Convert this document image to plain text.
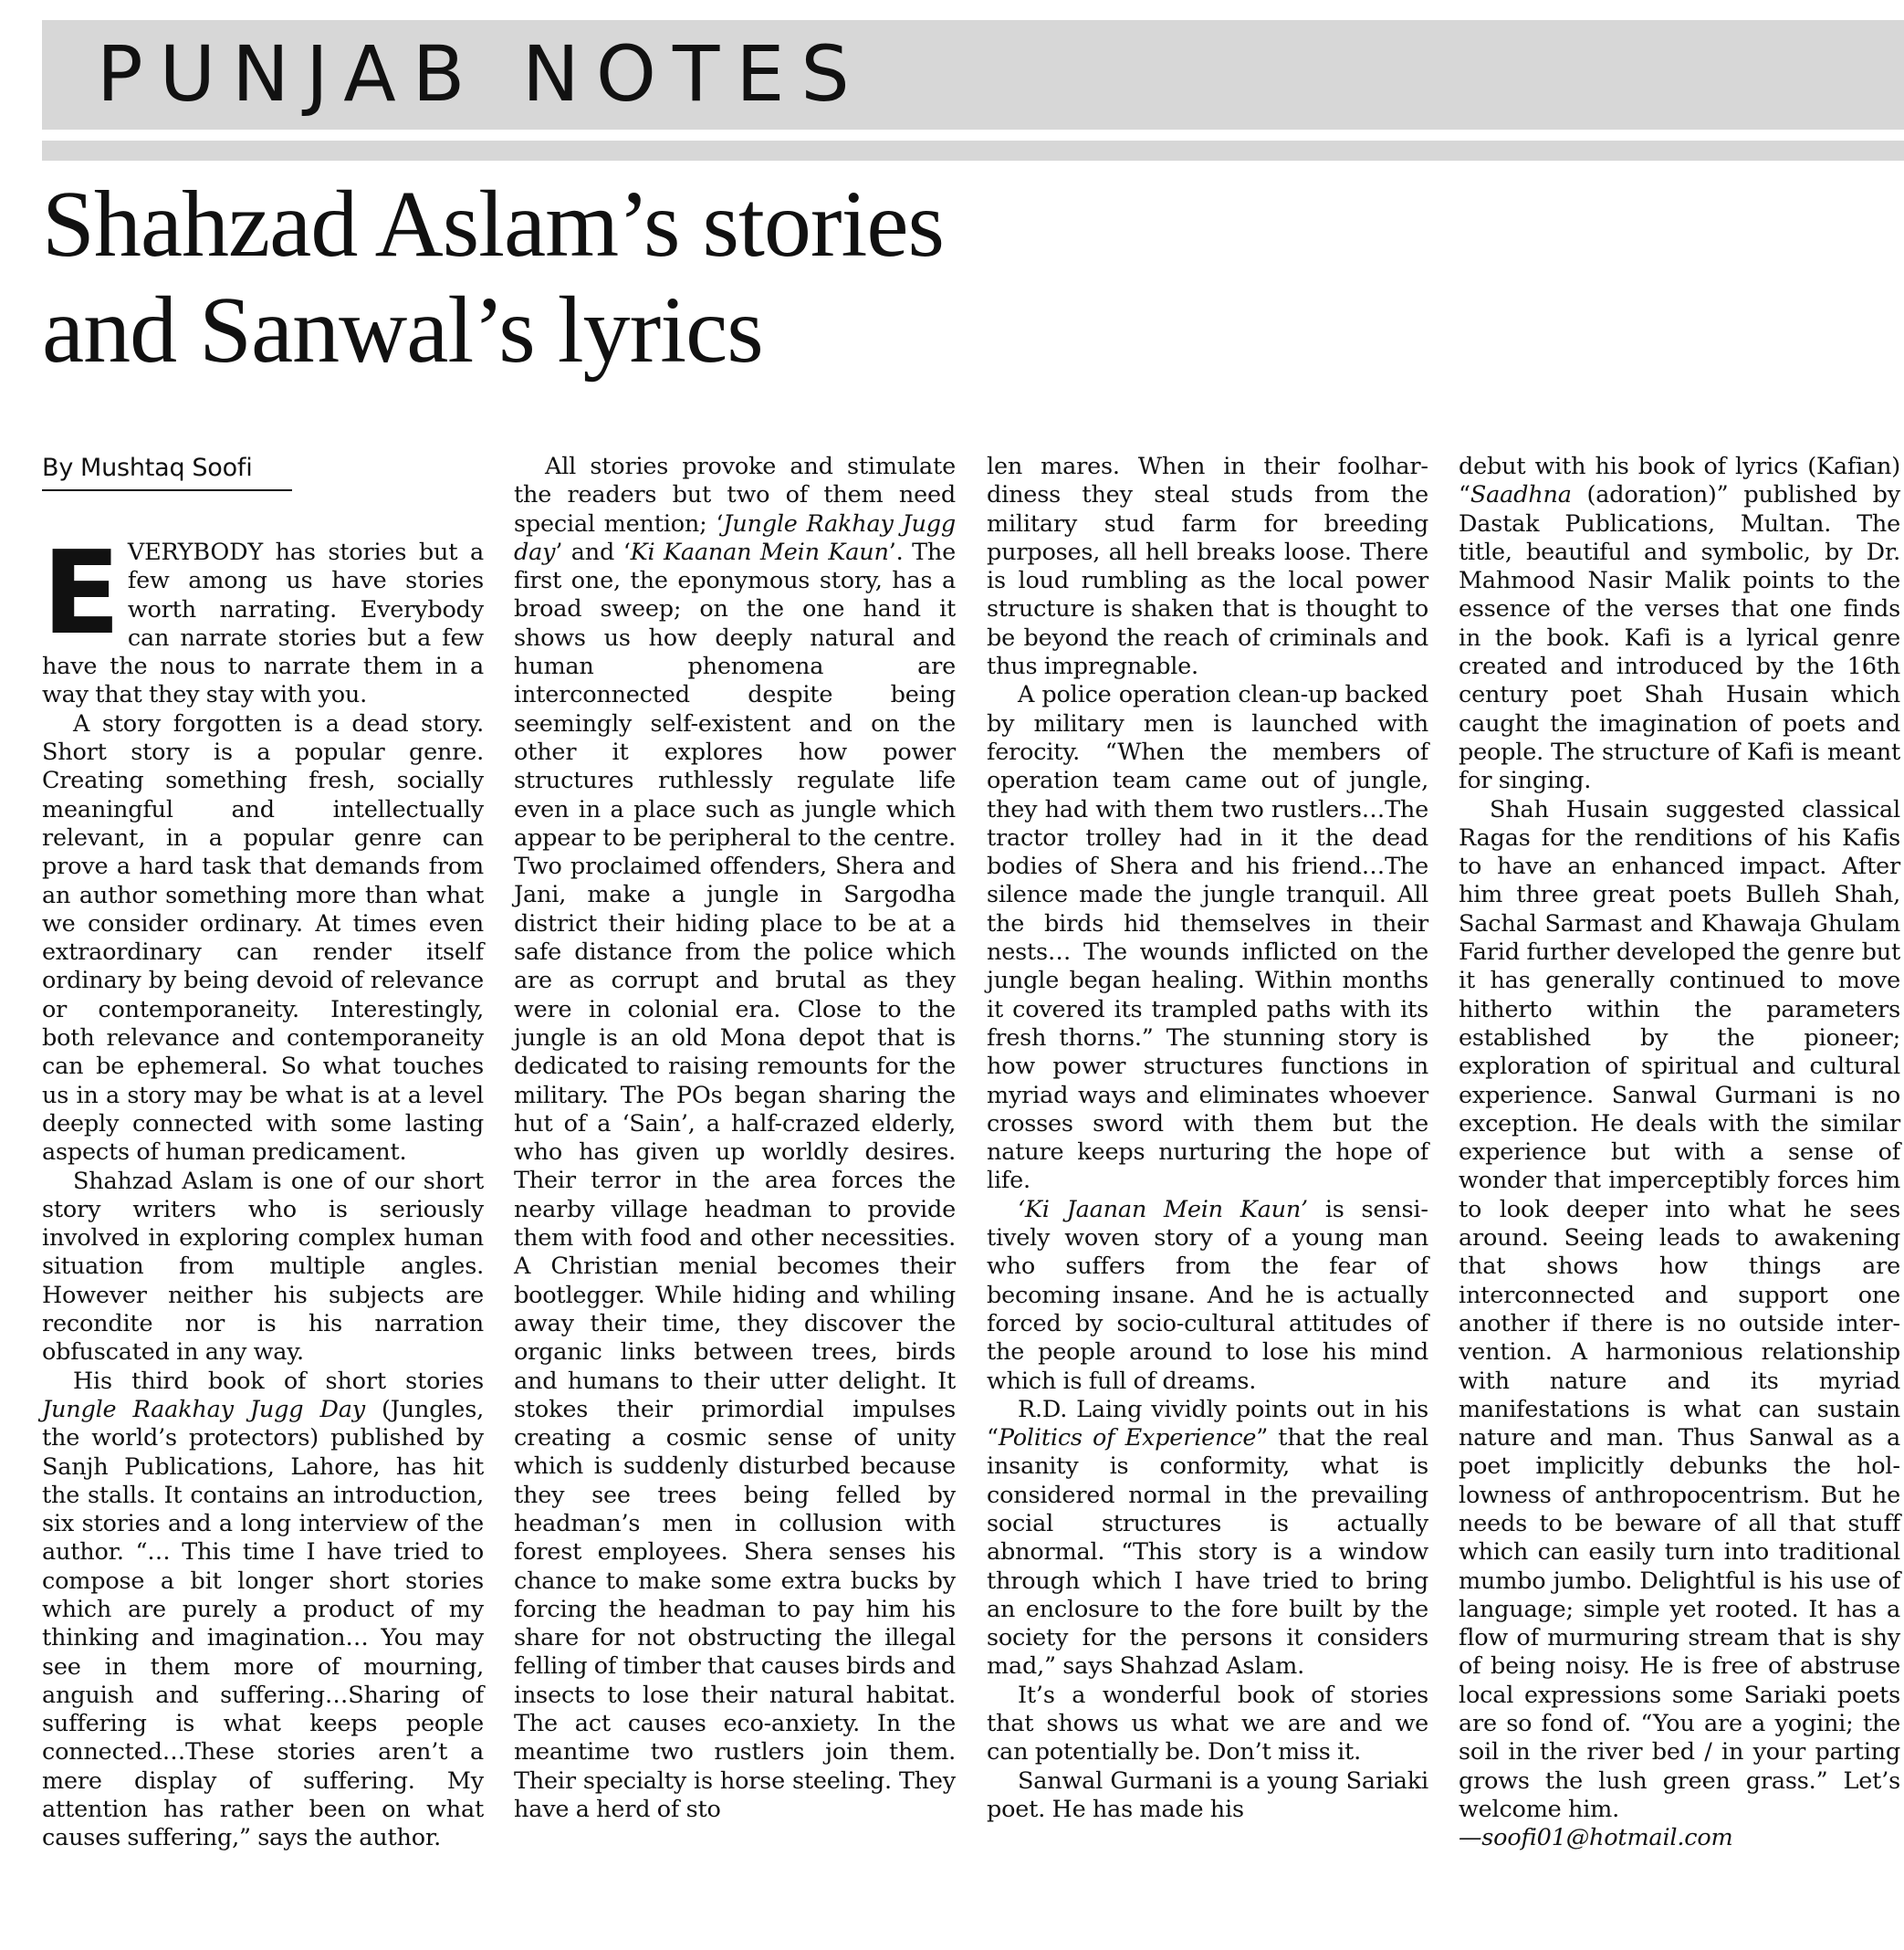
PUNJAB NOTES
Shahzad Aslam’s stories
and Sanwal’s lyrics
By Mushtaq Soofi

EVERYBODY has stories but a few among us have stories worth narrating. Everybody can narrate stories but a few have the nous to narrate them in a way that they stay with you.

A story forgotten is a dead story. Short story is a popular genre. Creating something fresh, socially meaningful and intellectually relevant, in a popular genre can prove a hard task that demands from an author something more than what we consider ordinary. At times even extraordinary can render itself ordinary by being devoid of relevance or contemporaneity. Interestingly, both relevance and contemporaneity can be ephemeral. So what touches us in a story may be what is at a level deeply connected with some lasting aspects of human predicament.

Shahzad Aslam is one of our short story writers who is seriously involved in exploring complex human situation from multiple angles. However neither his subjects are recondite nor is his narration obfuscated in any way.

His third book of short stories Jungle Raakhay Jugg Day (Jungles, the world’s protectors) published by Sanjh Publications, Lahore, has hit the stalls. It contains an introduction, six stories and a long interview of the author. “… This time I have tried to compose a bit longer short stories which are purely a product of my thinking and imagination… You may see in them more of mourning, anguish and suffering…Sharing of suffering is what keeps people connected…These stories aren’t a mere display of suffering. My attention has rather been on what causes suffering,” says the author.

All stories provoke and stimulate the readers but two of them need special mention; ‘Jungle Rakhay Jugg day’ and ‘Ki Kaanan Mein Kaun’. The first one, the eponymous story, has a broad sweep; on the one hand it shows us how deeply natural and human phenomena are interconnected despite being seemingly self-existent and on the other it explores how power structures ruthlessly regulate life even in a place such as jungle which appear to be peripheral to the centre. Two proclaimed offenders, Shera and Jani, make a jungle in Sargodha district their hiding place to be at a safe distance from the police which are as corrupt and brutal as they were in colonial era. Close to the jungle is an old Mona depot that is dedicated to raising remounts for the military. The POs began sharing the hut of a ‘Sain’, a half-crazed elderly, who has given up worldly desires. Their terror in the area forces the nearby village headman to provide them with food and other necessities. A Christian menial becomes their bootlegger. While hiding and whiling away their time, they discover the organic links between trees, birds and humans to their utter delight. It stokes their primordial impulses creating a cosmic sense of unity which is suddenly disturbed because they see trees being felled by headman’s men in collusion with forest employees. Shera senses his chance to make some extra bucks by forcing the headman to pay him his share for not obstructing the illegal felling of timber that causes birds and insects to lose their natural habitat. The act causes eco-anxiety. In the meantime two rustlers join them. Their specialty is horse steeling. They have a herd of sto

len mares. When in their foolhardiness they steal studs from the military stud farm for breeding purposes, all hell breaks loose. There is loud rumbling as the local power structure is shaken that is thought to be beyond the reach of criminals and thus impregnable.

A police operation clean-up backed by military men is launched with ferocity. “When the members of operation team came out of jungle, they had with them two rustlers…The tractor trolley had in it the dead bodies of Shera and his friend…The silence made the jungle tranquil. All the birds hid themselves in their nests… The wounds inflicted on the jungle began healing. Within months it covered its trampled paths with its fresh thorns.” The stunning story is how power structures functions in myriad ways and eliminates whoever crosses sword with them but the nature keeps nurturing the hope of life.

‘Ki Jaanan Mein Kaun’ is sensitively woven story of a young man who suffers from the fear of becoming insane. And he is actually forced by socio-cultural attitudes of the people around to lose his mind which is full of dreams.

R.D. Laing vividly points out in his “Politics of Experience” that the real insanity is conformity, what is considered normal in the prevailing social structures is actually abnormal. “This story is a window through which I have tried to bring an enclosure to the fore built by the society for the persons it considers mad,” says Shahzad Aslam.

It’s a wonderful book of stories that shows us what we are and we can potentially be. Don’t miss it.

Sanwal Gurmani is a young Sariaki poet. He has made his

debut with his book of lyrics (Kafian) “Saadhna (adoration)” published by Dastak Publications, Multan. The title, beautiful and symbolic, by Dr. Mahmood Nasir Malik points to the essence of the verses that one finds in the book. Kafi is a lyrical genre created and introduced by the 16th century poet Shah Husain which caught the imagination of poets and people. The structure of Kafi is meant for singing.

Shah Husain suggested classical Ragas for the renditions of his Kafis to have an enhanced impact. After him three great poets Bulleh Shah, Sachal Sarmast and Khawaja Ghulam Farid further developed the genre but it has generally continued to move hitherto within the parameters established by the pioneer; exploration of spiritual and cultural experience. Sanwal Gurmani is no exception. He deals with the similar experience but with a sense of wonder that imperceptibly forces him to look deeper into what he sees around. Seeing leads to awakening that shows how things are interconnected and support one another if there is no outside intervention. A harmonious relationship with nature and its myriad manifestations is what can sustain nature and man. Thus Sanwal as a poet implicitly debunks the hollowness of anthropocentrism. But he needs to be beware of all that stuff which can easily turn into traditional mumbo jumbo. Delightful is his use of language; simple yet rooted. It has a flow of murmuring stream that is shy of being noisy. He is free of abstruse local expressions some Sariaki poets are so fond of. “You are a yogini; the soil in the river bed / in your parting grows the lush green grass.” Let’s welcome him.

—soofi01@hotmail.com
